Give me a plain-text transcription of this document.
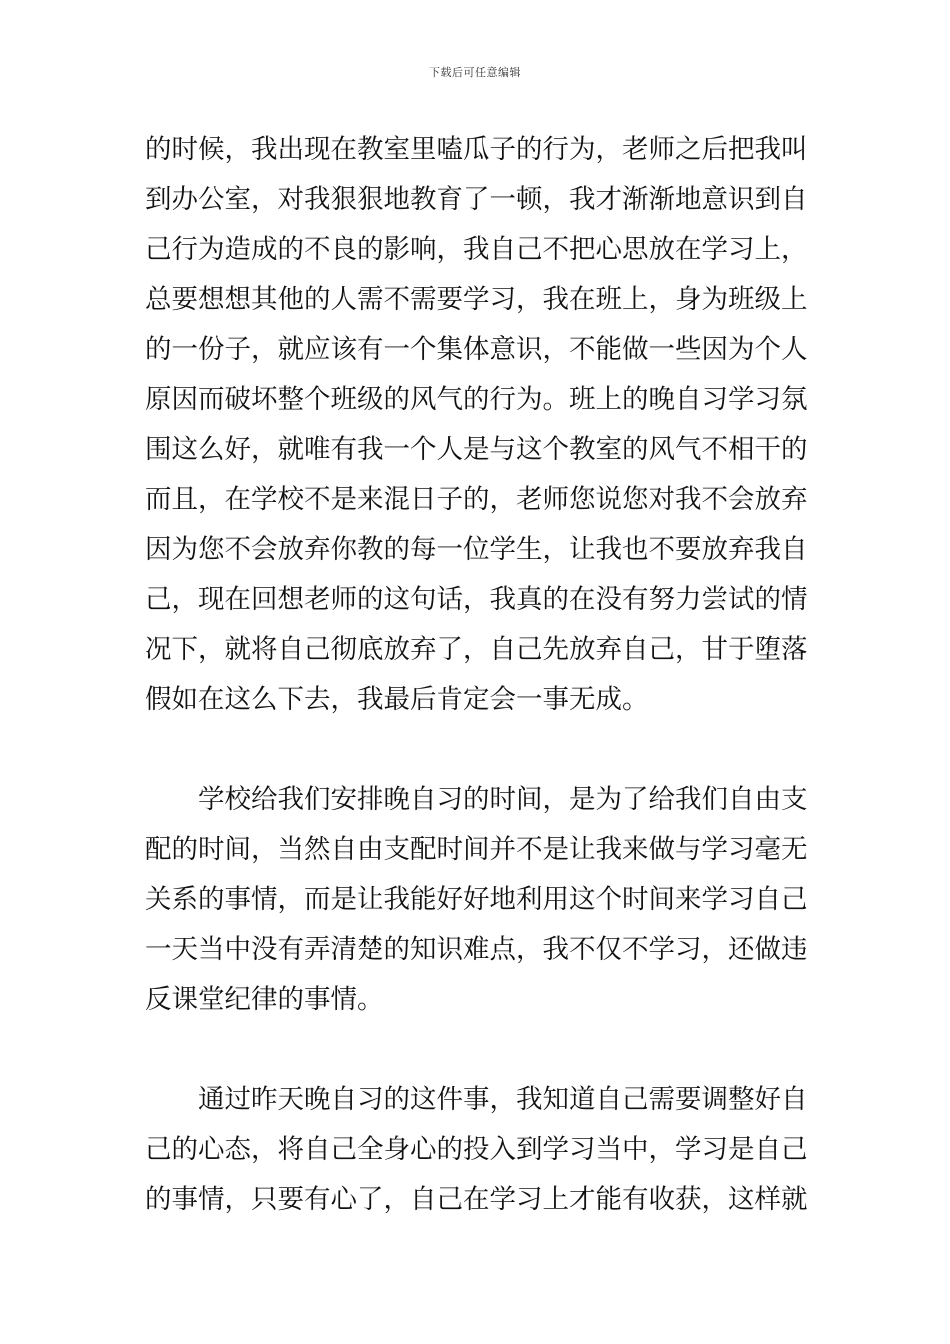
下载后可任意编辑
的时候，我出现在教室里嗑瓜子的行为，老师之后把我叫
到办公室，对我狠狠地教育了一顿，我才渐渐地意识到自
己行为造成的不良的影响，我自己不把心思放在学习上，
总要想想其他的人需不需要学习，我在班上，身为班级上
的一份子，就应该有一个集体意识，不能做一些因为个人
原因而破坏整个班级的风气的行为。班上的晚自习学习氛
围这么好，就唯有我一个人是与这个教室的风气不相干的
而且，在学校不是来混日子的，老师您说您对我不会放弃
因为您不会放弃你教的每一位学生，让我也不要放弃我自
己，现在回想老师的这句话，我真的在没有努力尝试的情
况下，就将自己彻底放弃了，自己先放弃自己，甘于堕落
假如在这么下去，我最后肯定会一事无成。
　　学校给我们安排晚自习的时间，是为了给我们自由支
配的时间，当然自由支配时间并不是让我来做与学习毫无
关系的事情，而是让我能好好地利用这个时间来学习自己
一天当中没有弄清楚的知识难点，我不仅不学习，还做违
反课堂纪律的事情。
　　通过昨天晚自习的这件事，我知道自己需要调整好自
己的心态，将自己全身心的投入到学习当中，学习是自己
的事情，只要有心了，自己在学习上才能有收获，这样就
